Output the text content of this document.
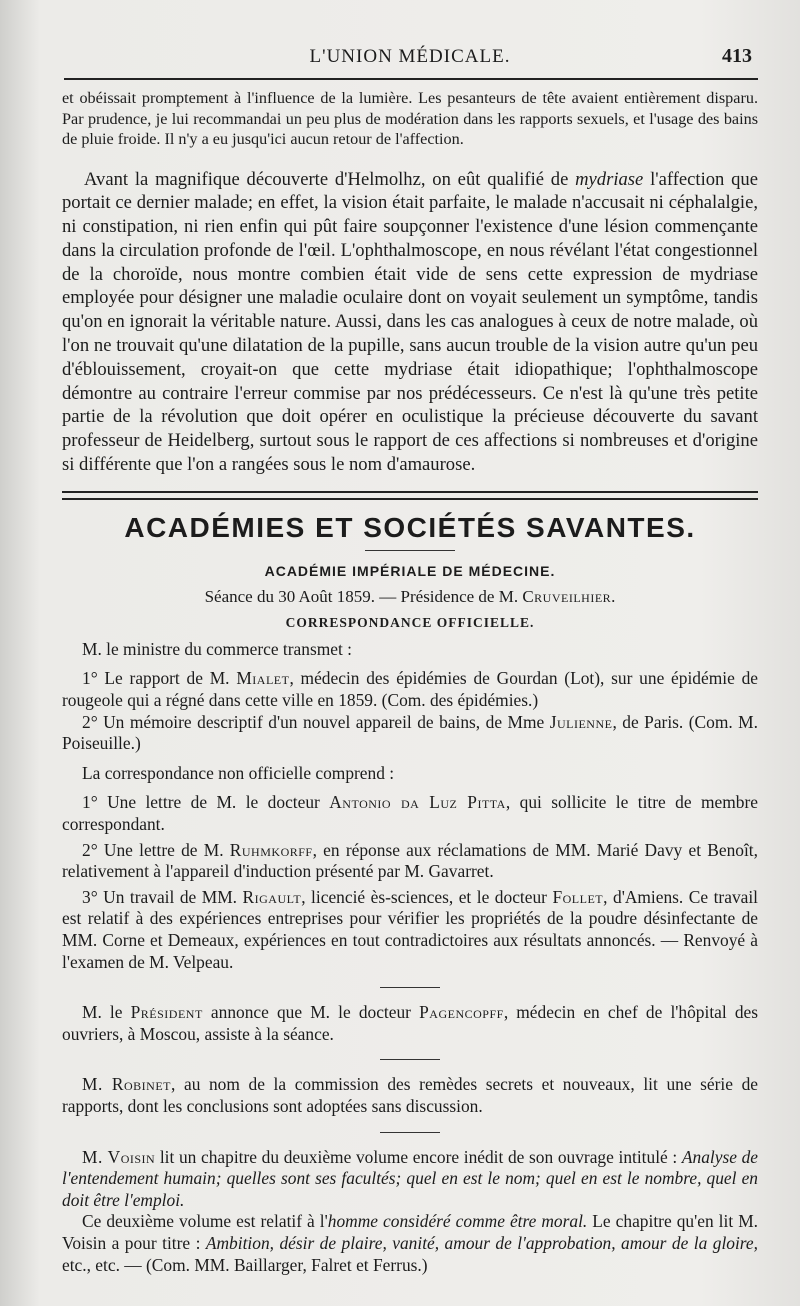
L'UNION MÉDICALE.	413

et obéissait promptement à l'influence de la lumière. Les pesanteurs de tête avaient entièrement disparu. Par prudence, je lui recommandai un peu plus de modération dans les rapports sexuels, et l'usage des bains de pluie froide. Il n'y a eu jusqu'ici aucun retour de l'affection.

Avant la magnifique découverte d'Helmolhz, on eût qualifié de mydriase l'affection que portait ce dernier malade; en effet, la vision était parfaite, le malade n'accusait ni céphalalgie, ni constipation, ni rien enfin qui pût faire soupçonner l'existence d'une lésion commençante dans la circulation profonde de l'œil. L'ophthalmoscope, en nous révélant l'état congestionnel de la choroïde, nous montre combien était vide de sens cette expression de mydriase employée pour désigner une maladie oculaire dont on voyait seulement un symptôme, tandis qu'on en ignorait la véritable nature. Aussi, dans les cas analogues à ceux de notre malade, où l'on ne trouvait qu'une dilatation de la pupille, sans aucun trouble de la vision autre qu'un peu d'éblouissement, croyait-on que cette mydriase était idiopathique; l'ophthalmoscope démontre au contraire l'erreur commise par nos prédécesseurs. Ce n'est là qu'une très petite partie de la révolution que doit opérer en oculistique la précieuse découverte du savant professeur de Heidelberg, surtout sous le rapport de ces affections si nombreuses et d'origine si différente que l'on a rangées sous le nom d'amaurose.

ACADÉMIES ET SOCIÉTÉS SAVANTES.
ACADÉMIE IMPÉRIALE DE MÉDECINE.
Séance du 30 Août 1859. — Présidence de M. Cruveilhier.
CORRESPONDANCE OFFICIELLE.

M. le ministre du commerce transmet :

1° Le rapport de M. Mialet, médecin des épidémies de Gourdan (Lot), sur une épidémie de rougeole qui a régné dans cette ville en 1859. (Com. des épidémies.)

2° Un mémoire descriptif d'un nouvel appareil de bains, de Mme Julienne, de Paris. (Com. M. Poiseuille.)

La correspondance non officielle comprend :

1° Une lettre de M. le docteur Antonio da Luz Pitta, qui sollicite le titre de membre correspondant.

2° Une lettre de M. Ruhmkorff, en réponse aux réclamations de MM. Marié Davy et Benoît, relativement à l'appareil d'induction présenté par M. Gavarret.

3° Un travail de MM. Rigault, licencié ès-sciences, et le docteur Follet, d'Amiens. Ce travail est relatif à des expériences entreprises pour vérifier les propriétés de la poudre désinfectante de MM. Corne et Demeaux, expériences en tout contradictoires aux résultats annoncés. — Renvoyé à l'examen de M. Velpeau.

M. le Président annonce que M. le docteur Pagencopff, médecin en chef de l'hôpital des ouvriers, à Moscou, assiste à la séance.

M. Robinet, au nom de la commission des remèdes secrets et nouveaux, lit une série de rapports, dont les conclusions sont adoptées sans discussion.

M. Voisin lit un chapitre du deuxième volume encore inédit de son ouvrage intitulé : Analyse de l'entendement humain; quelles sont ses facultés; quel en est le nom; quel en est le nombre, quel en doit être l'emploi.

Ce deuxième volume est relatif à l'homme considéré comme être moral. Le chapitre qu'en lit M. Voisin a pour titre : Ambition, désir de plaire, vanité, amour de l'approbation, amour de la gloire, etc., etc. — (Com. MM. Baillarger, Falret et Ferrus.)
